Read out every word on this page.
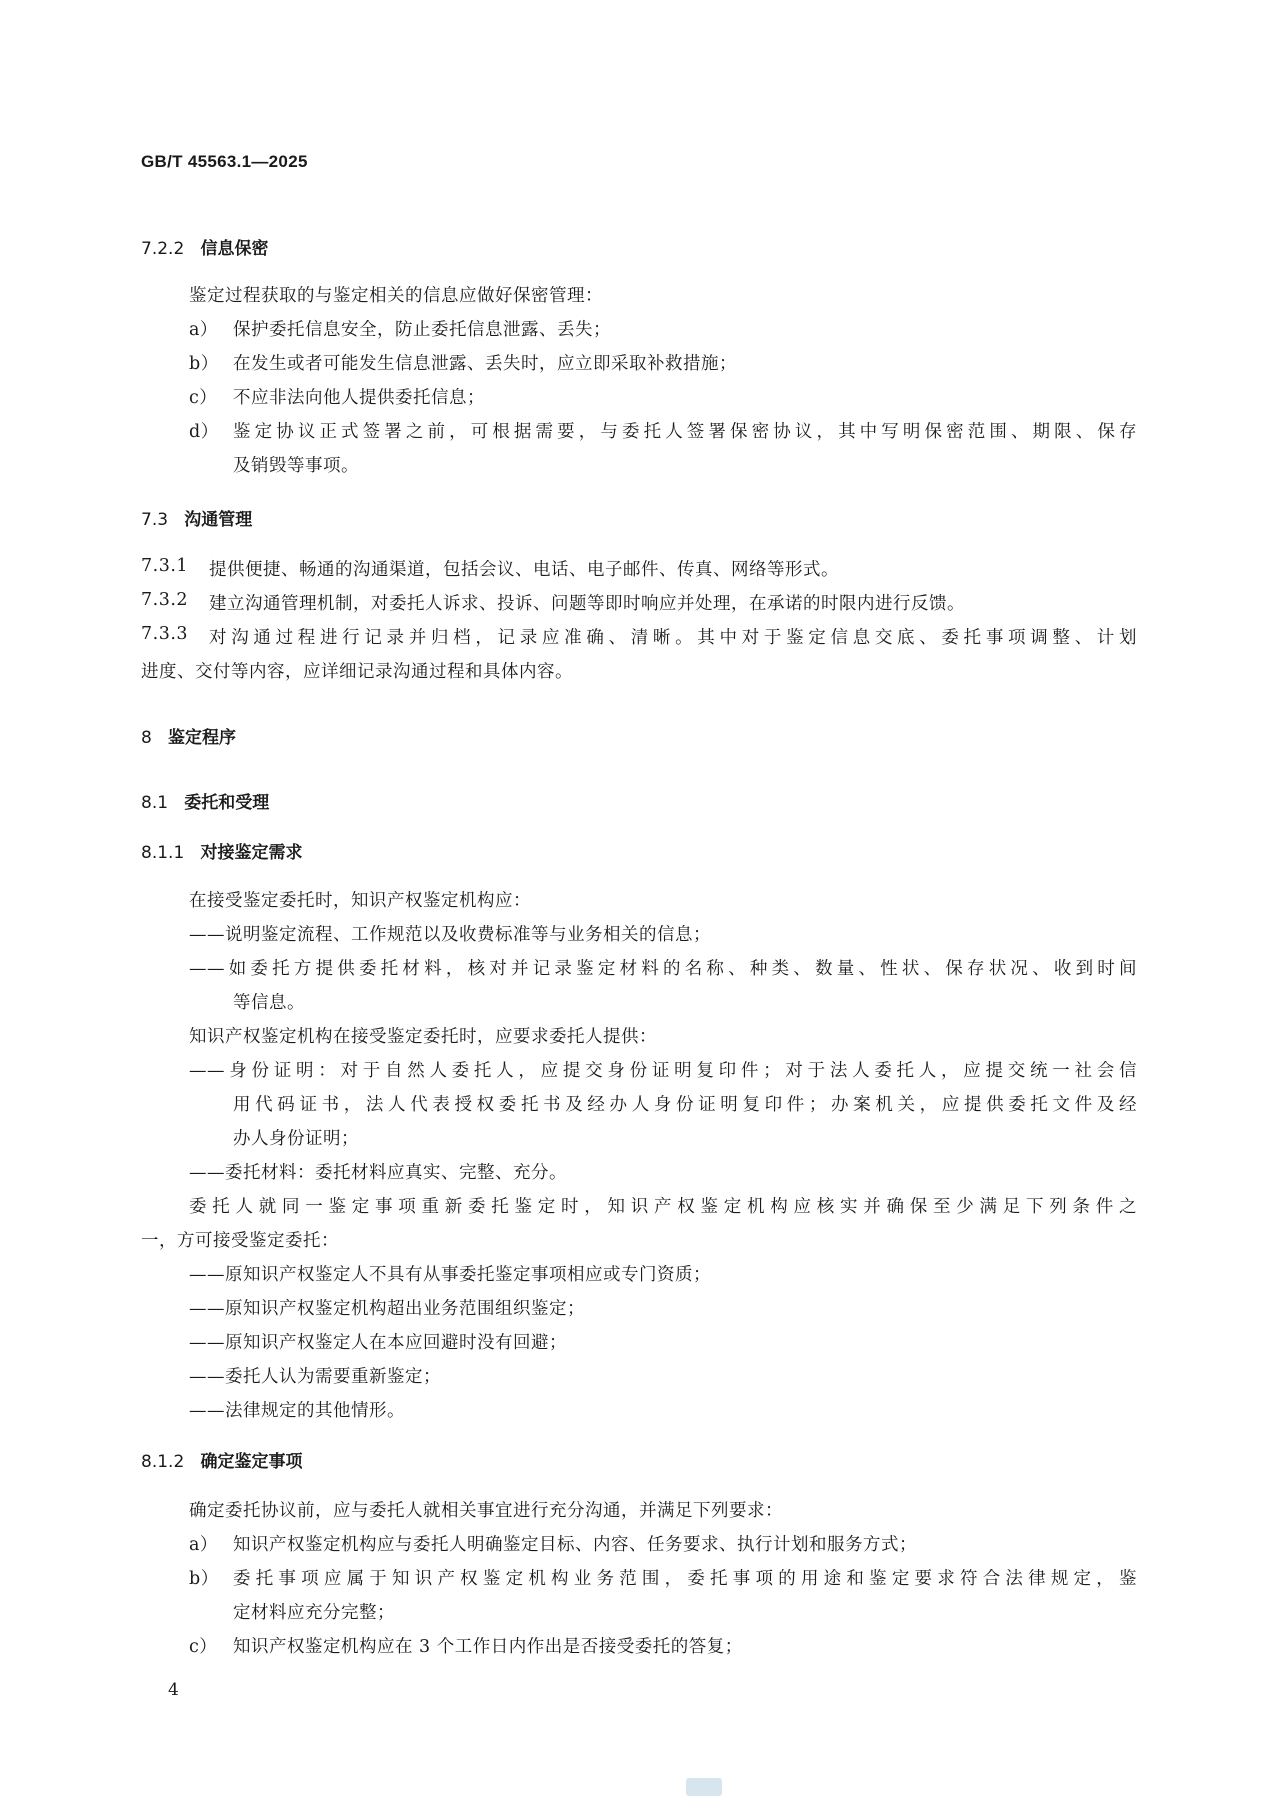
GB/T 45563.1—2025
7.2.2 信息保密
鉴定过程获取的与鉴定相关的信息应做好保密管理：
a） 保护委托信息安全，防止委托信息泄露、丢失；
b） 在发生或者可能发生信息泄露、丢失时，应立即采取补救措施；
c） 不应非法向他人提供委托信息；
d） 鉴定协议正式签署之前，可根据需要，与委托人签署保密协议，其中写明保密范围、期限、保存
及销毁等事项。
7.3 沟通管理
7.3.1 提供便捷、畅通的沟通渠道，包括会议、电话、电子邮件、传真、网络等形式。
7.3.2 建立沟通管理机制，对委托人诉求、投诉、问题等即时响应并处理，在承诺的时限内进行反馈。
7.3.3 对沟通过程进行记录并归档，记录应准确、清晰。其中对于鉴定信息交底、委托事项调整、计划
进度、交付等内容，应详细记录沟通过程和具体内容。
8 鉴定程序
8.1 委托和受理
8.1.1 对接鉴定需求
在接受鉴定委托时，知识产权鉴定机构应：
——说明鉴定流程、工作规范以及收费标准等与业务相关的信息；
——如委托方提供委托材料，核对并记录鉴定材料的名称、种类、数量、性状、保存状况、收到时间
等信息。
知识产权鉴定机构在接受鉴定委托时，应要求委托人提供：
——身份证明：对于自然人委托人，应提交身份证明复印件；对于法人委托人，应提交统一社会信
用代码证书，法人代表授权委托书及经办人身份证明复印件；办案机关，应提供委托文件及经
办人身份证明；
——委托材料：委托材料应真实、完整、充分。
委托人就同一鉴定事项重新委托鉴定时，知识产权鉴定机构应核实并确保至少满足下列条件之
一，方可接受鉴定委托：
——原知识产权鉴定人不具有从事委托鉴定事项相应或专门资质；
——原知识产权鉴定机构超出业务范围组织鉴定；
——原知识产权鉴定人在本应回避时没有回避；
——委托人认为需要重新鉴定；
——法律规定的其他情形。
8.1.2 确定鉴定事项
确定委托协议前，应与委托人就相关事宜进行充分沟通，并满足下列要求：
a） 知识产权鉴定机构应与委托人明确鉴定目标、内容、任务要求、执行计划和服务方式；
b） 委托事项应属于知识产权鉴定机构业务范围，委托事项的用途和鉴定要求符合法律规定，鉴
定材料应充分完整；
c） 知识产权鉴定机构应在 3 个工作日内作出是否接受委托的答复；
4
